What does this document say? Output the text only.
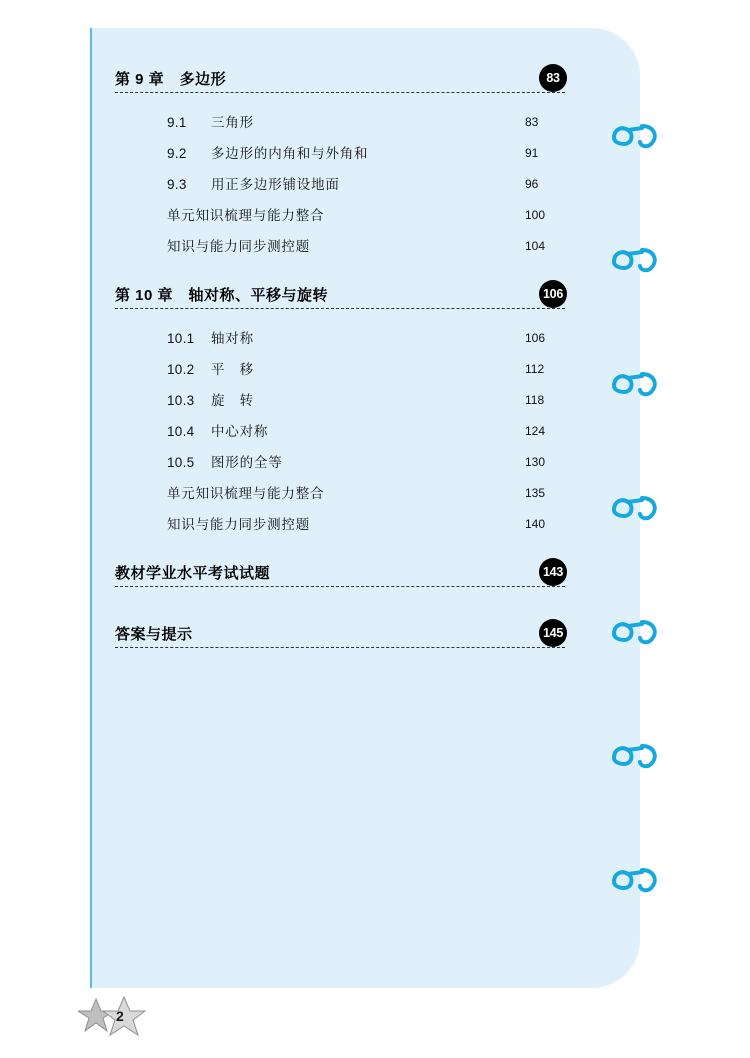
第 9 章　多边形	83
9.1 三角形	83
9.2 多边形的内角和与外角和	91
9.3 用正多边形铺设地面	96
单元知识梳理与能力整合	100
知识与能力同步测控题	104
第 10 章　轴对称、平移与旋转	106
10.1 轴对称	106
10.2 平　移	112
10.3 旋　转	118
10.4 中心对称	124
10.5 图形的全等	130
单元知识梳理与能力整合	135
知识与能力同步测控题	140
教材学业水平考试试题	143
答案与提示	145
2
